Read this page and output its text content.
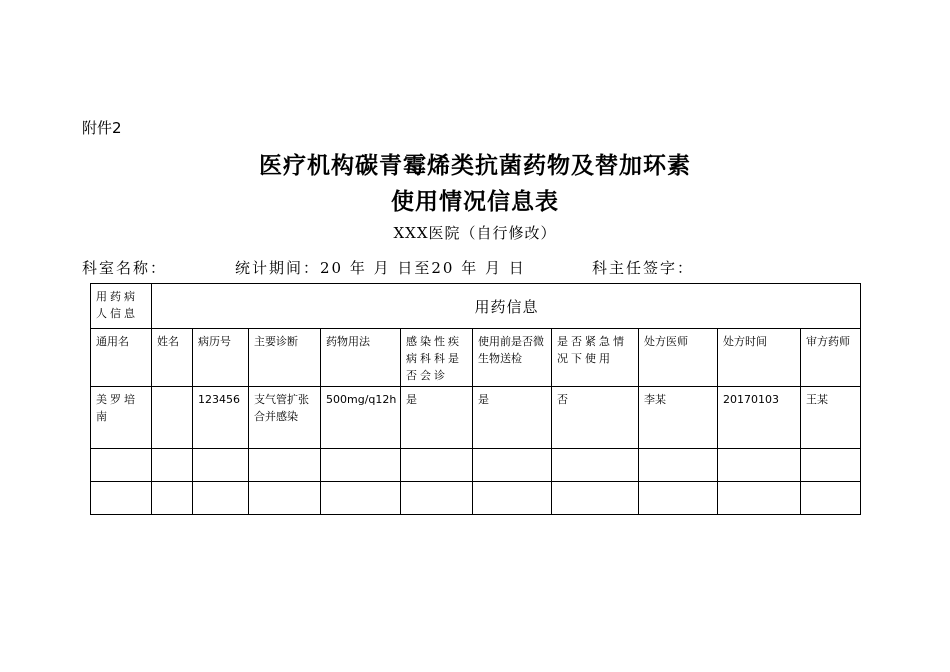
附件2
医疗机构碳青霉烯类抗菌药物及替加环素
使用情况信息表
XXX医院（自行修改）
科室名称：	统计期间：20 年 月 日至20 年 月 日	科主任签字：
用药病人信息	用药信息									
通用名	姓名	病历号	主要诊断	药物用法	感染性疾病科科是否会诊	使用前是否微生物送检	是否紧急情况下使用	处方医师	处方时间	审方药师
美罗培南		123456	支气管扩张合并感染	500mg/q12h	是	是	否	李某	20170103	王某
